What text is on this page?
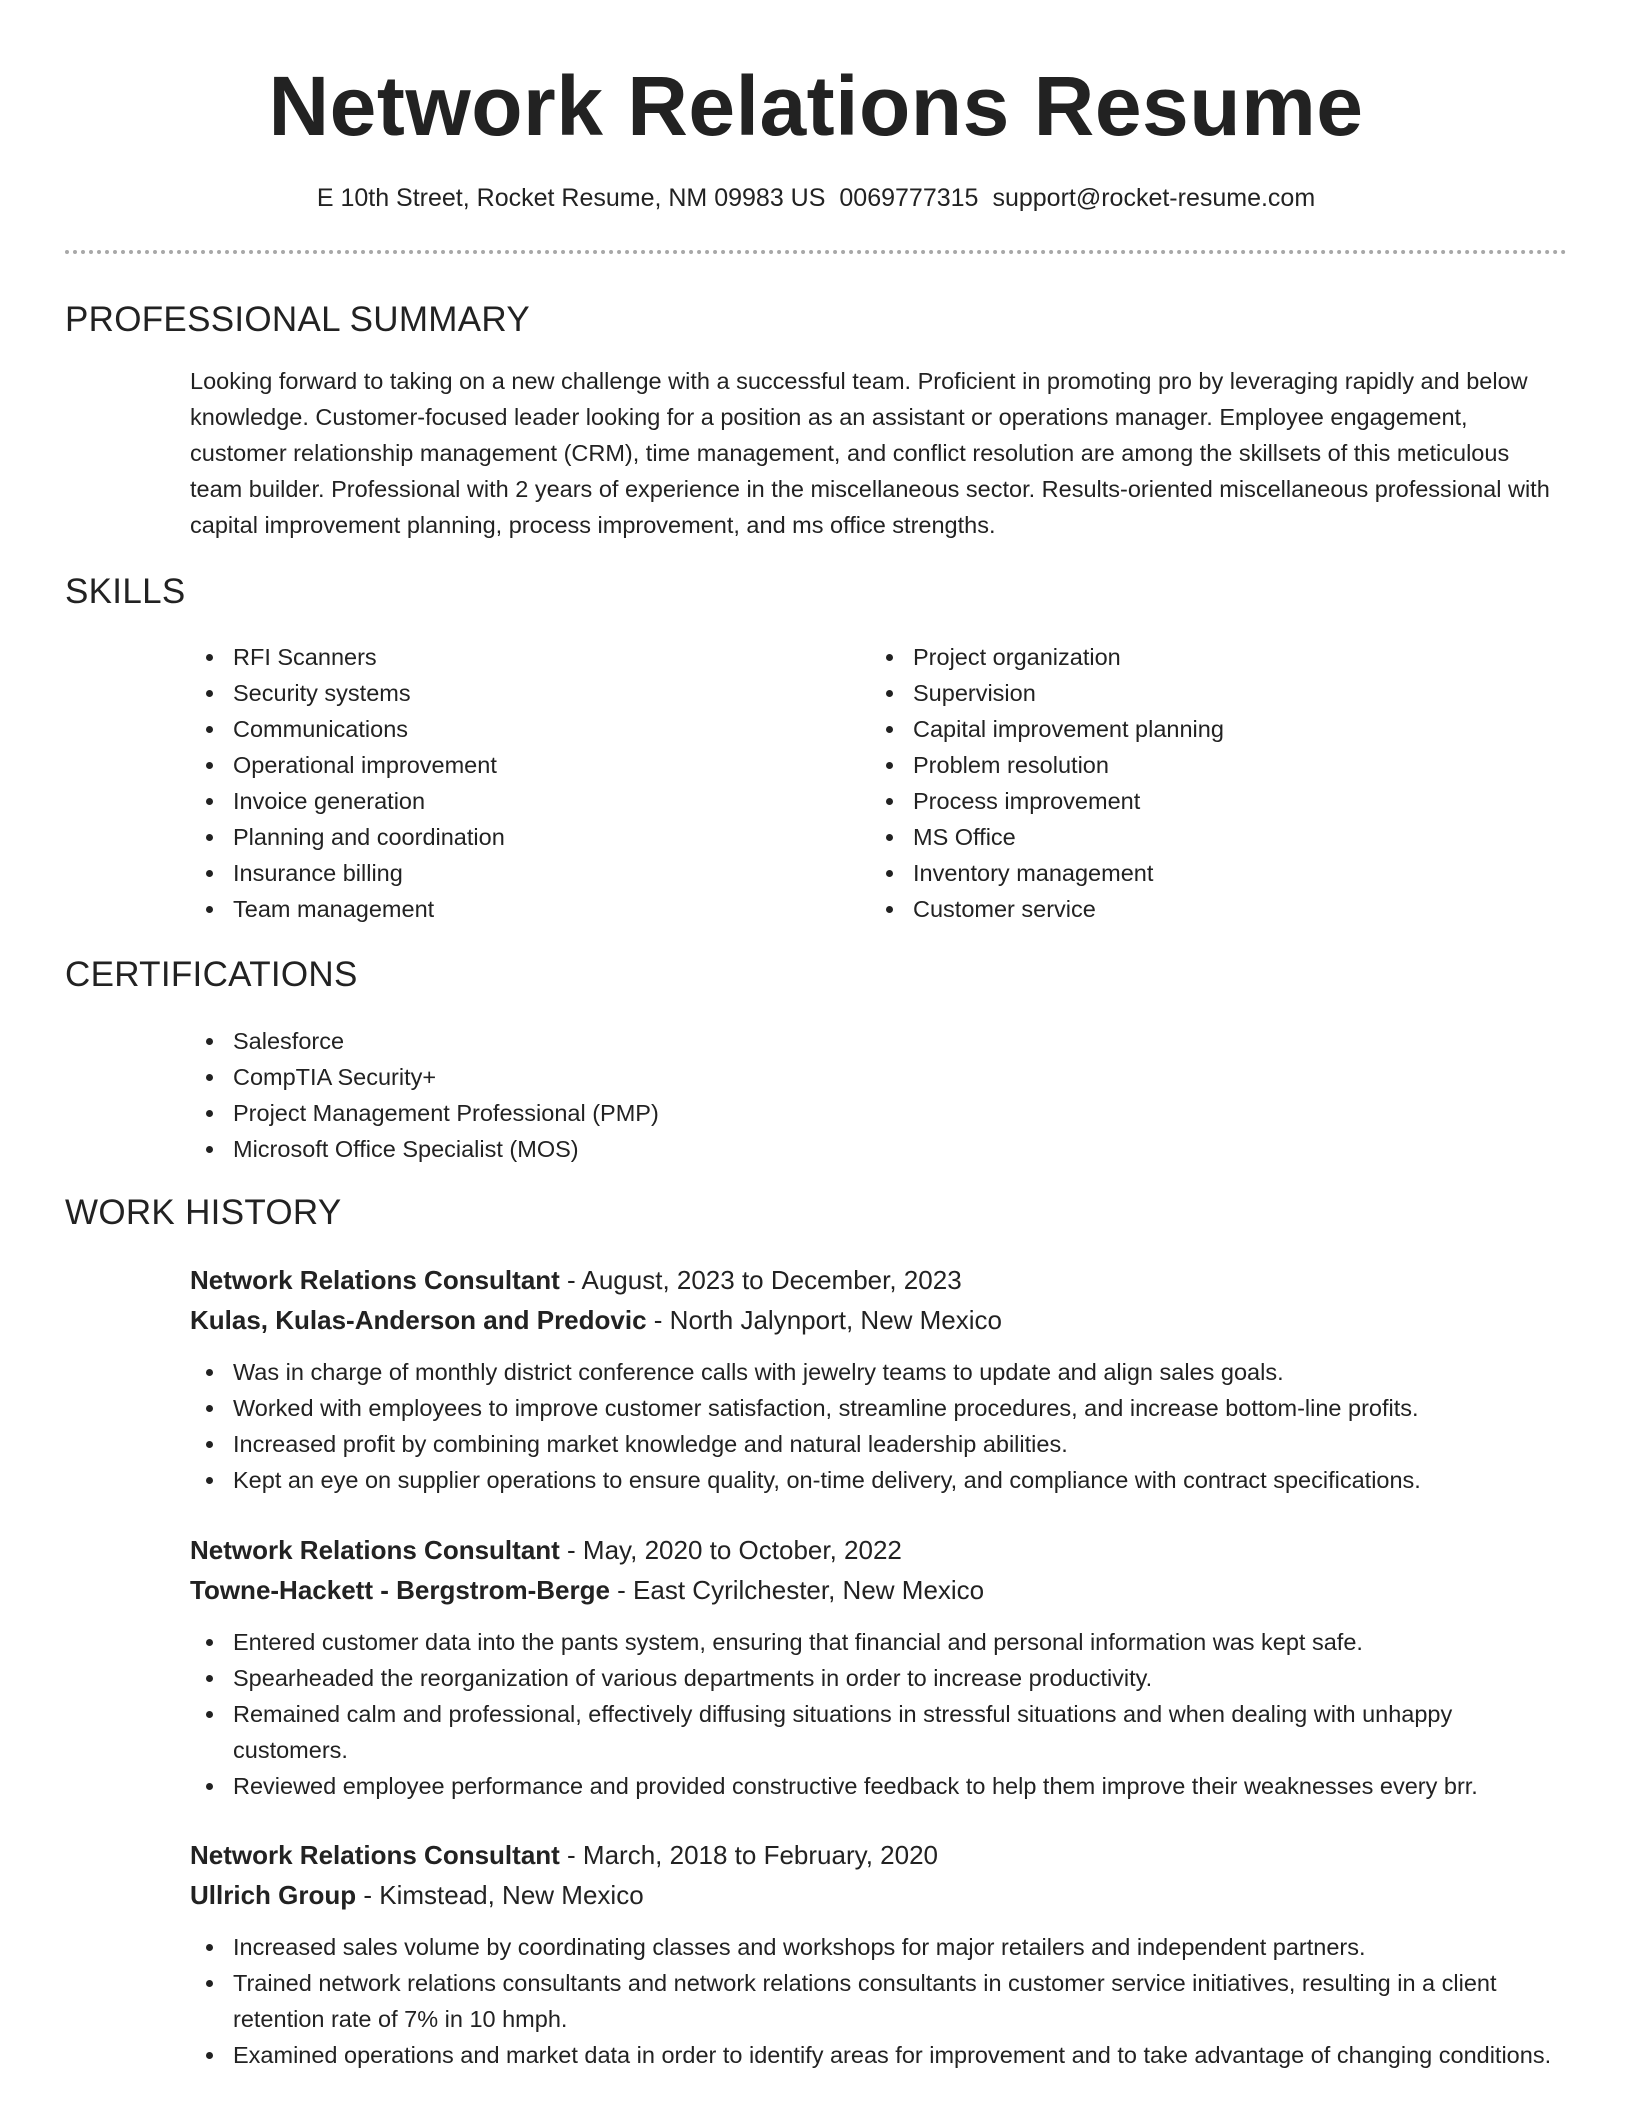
Network Relations Resume
E 10th Street, Rocket Resume, NM 09983 US 0069777315 support@rocket-resume.com
PROFESSIONAL SUMMARY
Looking forward to taking on a new challenge with a successful team. Proficient in promoting pro by leveraging rapidly and below knowledge. Customer-focused leader looking for a position as an assistant or operations manager. Employee engagement, customer relationship management (CRM), time management, and conflict resolution are among the skillsets of this meticulous team builder. Professional with 2 years of experience in the miscellaneous sector. Results-oriented miscellaneous professional with capital improvement planning, process improvement, and ms office strengths.
SKILLS
RFI Scanners
Security systems
Communications
Operational improvement
Invoice generation
Planning and coordination
Insurance billing
Team management
Project organization
Supervision
Capital improvement planning
Problem resolution
Process improvement
MS Office
Inventory management
Customer service
CERTIFICATIONS
Salesforce
CompTIA Security+
Project Management Professional (PMP)
Microsoft Office Specialist (MOS)
WORK HISTORY
Network Relations Consultant - August, 2023 to December, 2023
Kulas, Kulas-Anderson and Predovic - North Jalynport, New Mexico
Was in charge of monthly district conference calls with jewelry teams to update and align sales goals.
Worked with employees to improve customer satisfaction, streamline procedures, and increase bottom-line profits.
Increased profit by combining market knowledge and natural leadership abilities.
Kept an eye on supplier operations to ensure quality, on-time delivery, and compliance with contract specifications.
Network Relations Consultant - May, 2020 to October, 2022
Towne-Hackett - Bergstrom-Berge - East Cyrilchester, New Mexico
Entered customer data into the pants system, ensuring that financial and personal information was kept safe.
Spearheaded the reorganization of various departments in order to increase productivity.
Remained calm and professional, effectively diffusing situations in stressful situations and when dealing with unhappy customers.
Reviewed employee performance and provided constructive feedback to help them improve their weaknesses every brr.
Network Relations Consultant - March, 2018 to February, 2020
Ullrich Group - Kimstead, New Mexico
Increased sales volume by coordinating classes and workshops for major retailers and independent partners.
Trained network relations consultants and network relations consultants in customer service initiatives, resulting in a client retention rate of 7% in 10 hmph.
Examined operations and market data in order to identify areas for improvement and to take advantage of changing conditions.
